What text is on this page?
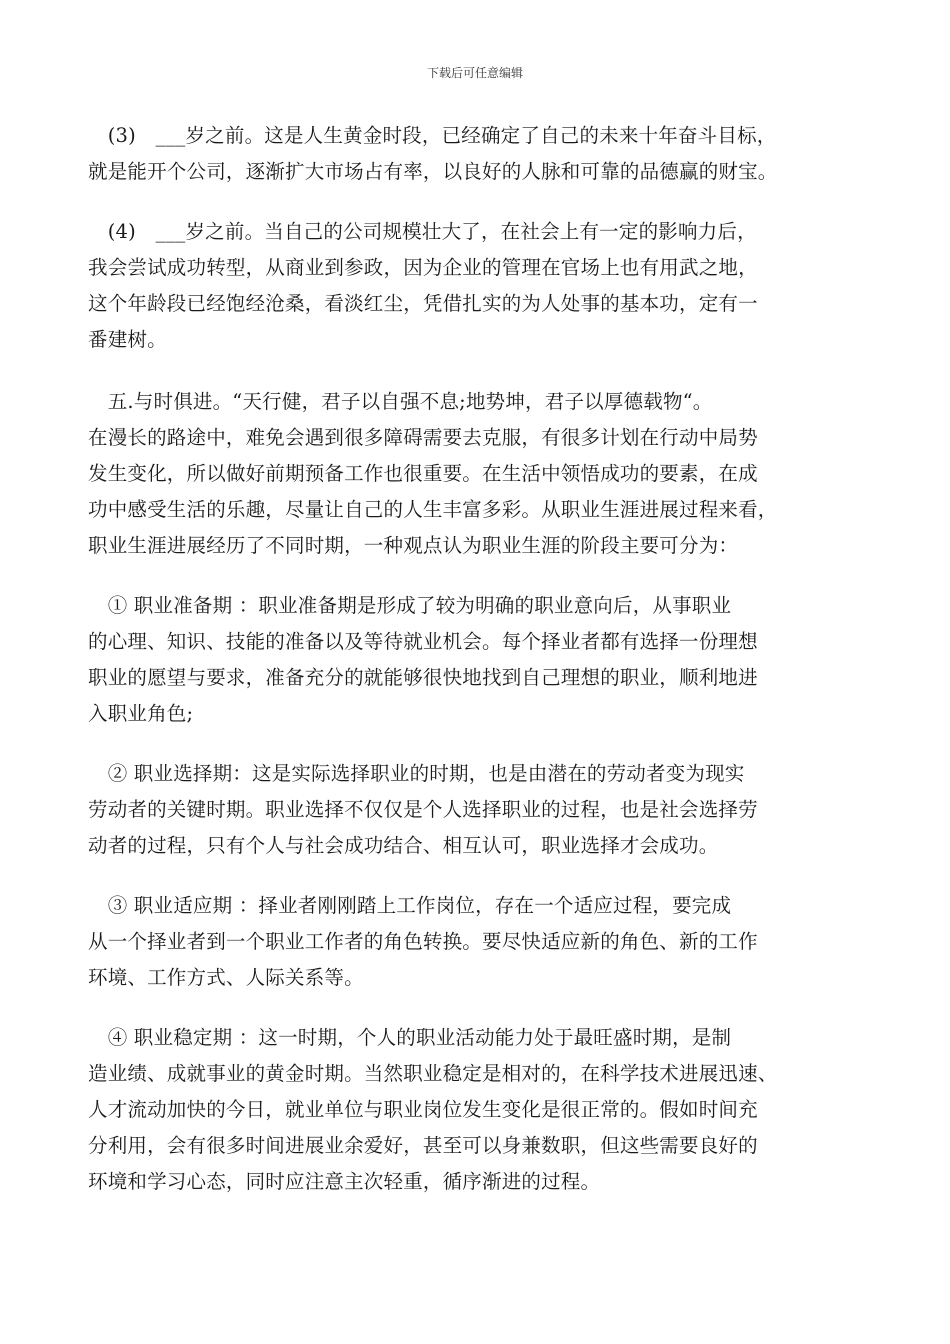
下载后可任意编辑

　(3)　___岁之前。这是人生黄金时段，已经确定了自己的未来十年奋斗目标，
就是能开个公司，逐渐扩大市场占有率，以良好的人脉和可靠的品德赢的财宝。

　(4)　___岁之前。当自己的公司规模壮大了，在社会上有一定的影响力后，
我会尝试成功转型，从商业到参政，因为企业的管理在官场上也有用武之地，
这个年龄段已经饱经沧桑，看淡红尘，凭借扎实的为人处事的基本功，定有一
番建树。

　五.与时俱进。“天行健，君子以自强不息;地势坤，君子以厚德载物“。
在漫长的路途中，难免会遇到很多障碍需要去克服，有很多计划在行动中局势
发生变化，所以做好前期预备工作也很重要。在生活中领悟成功的要素，在成
功中感受生活的乐趣，尽量让自己的人生丰富多彩。从职业生涯进展过程来看，
职业生涯进展经历了不同时期，一种观点认为职业生涯的阶段主要可分为：

　① 职业准备期 ：职业准备期是形成了较为明确的职业意向后，从事职业
的心理、知识、技能的准备以及等待就业机会。每个择业者都有选择一份理想
职业的愿望与要求，准备充分的就能够很快地找到自己理想的职业，顺利地进
入职业角色;

　② 职业选择期：这是实际选择职业的时期，也是由潜在的劳动者变为现实
劳动者的关键时期。职业选择不仅仅是个人选择职业的过程，也是社会选择劳
动者的过程，只有个人与社会成功结合、相互认可，职业选择才会成功。

　③ 职业适应期 ：择业者刚刚踏上工作岗位，存在一个适应过程，要完成
从一个择业者到一个职业工作者的角色转换。要尽快适应新的角色、新的工作
环境、工作方式、人际关系等。

　④ 职业稳定期 ：这一时期，个人的职业活动能力处于最旺盛时期，是制
造业绩、成就事业的黄金时期。当然职业稳定是相对的，在科学技术进展迅速、
人才流动加快的今日，就业单位与职业岗位发生变化是很正常的。假如时间充
分利用，会有很多时间进展业余爱好，甚至可以身兼数职，但这些需要良好的
环境和学习心态，同时应注意主次轻重，循序渐进的过程。
